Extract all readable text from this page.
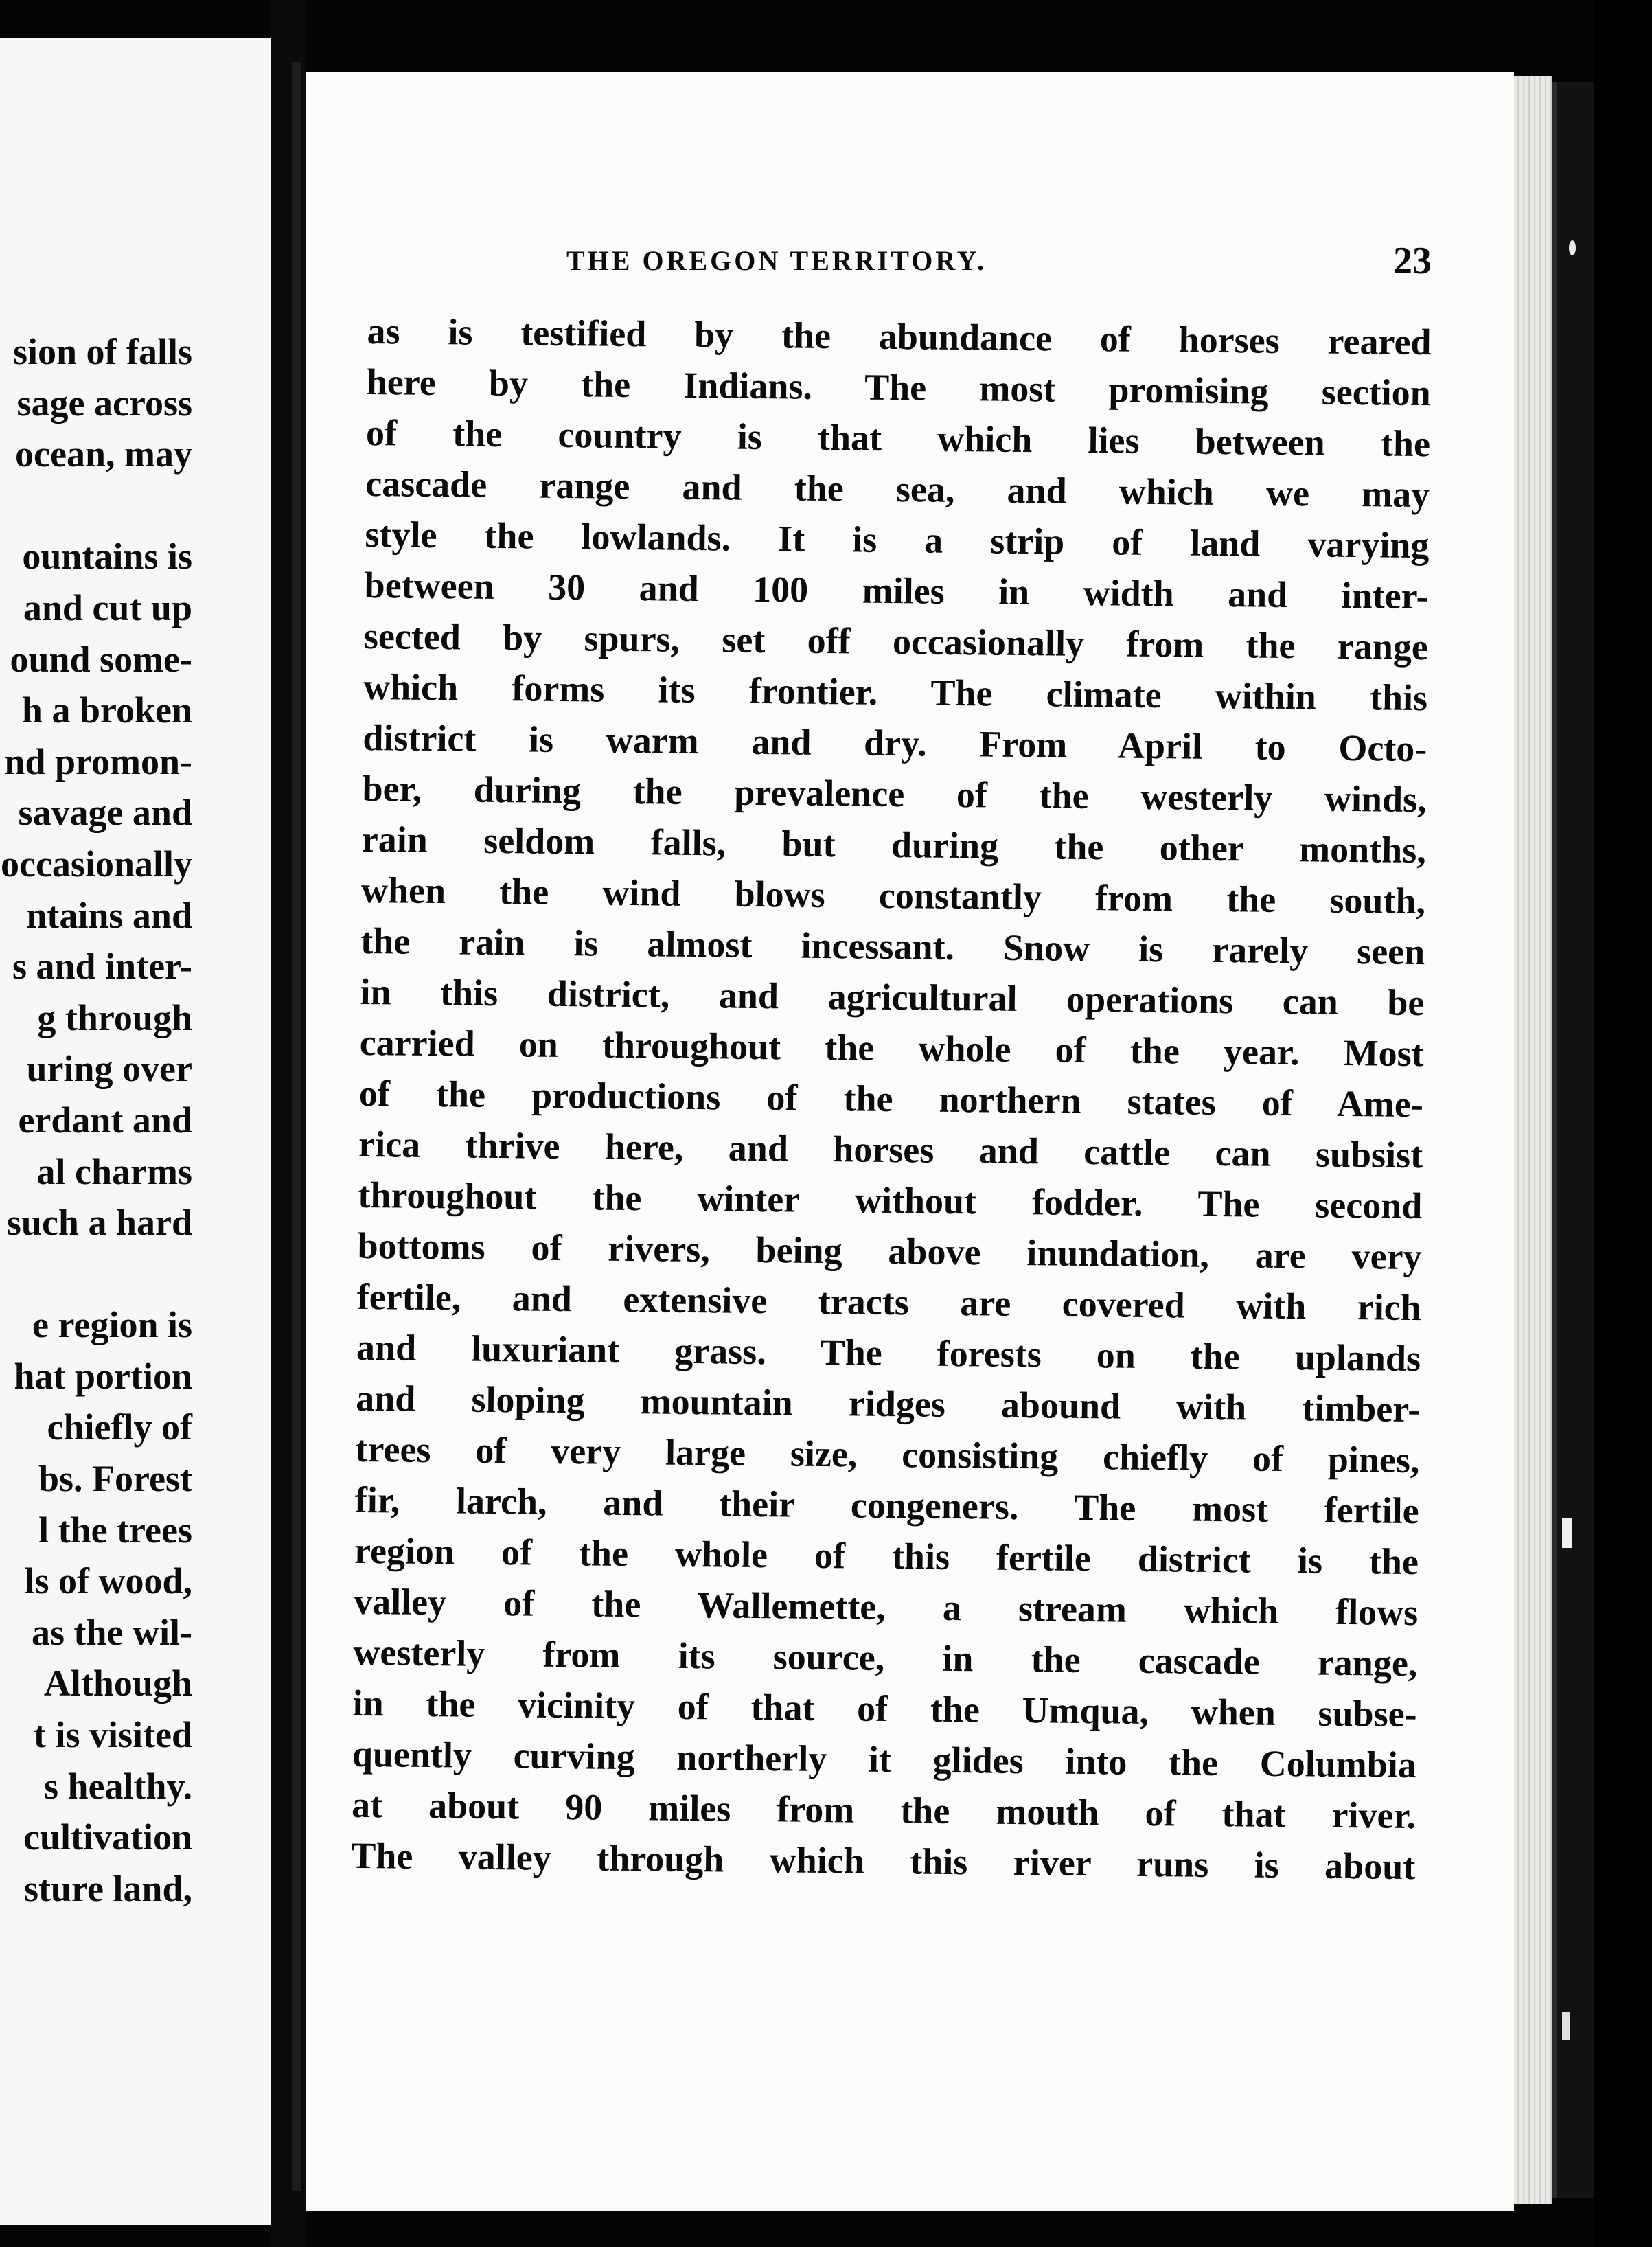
sion of falls
sage across
ocean, may
ountains is
and cut up
ound some-
h a broken
nd promon-
savage and
occasionally
ntains and
s and inter-
g through
uring over
erdant and
al charms
such a hard
e region is
hat portion
chiefly of
bs. Forest
l the trees
ls of wood,
as the wil-
Although
t is visited
s healthy.
cultivation
sture land,
THE OREGON TERRITORY.	23
as is testified by the abundance of horses reared
here by the Indians. The most promising section
of the country is that which lies between the
cascade range and the sea, and which we may
style the lowlands. It is a strip of land varying
between 30 and 100 miles in width and inter-
sected by spurs, set off occasionally from the range
which forms its frontier. The climate within this
district is warm and dry. From April to Octo-
ber, during the prevalence of the westerly winds,
rain seldom falls, but during the other months,
when the wind blows constantly from the south,
the rain is almost incessant. Snow is rarely seen
in this district, and agricultural operations can be
carried on throughout the whole of the year. Most
of the productions of the northern states of Ame-
rica thrive here, and horses and cattle can subsist
throughout the winter without fodder. The second
bottoms of rivers, being above inundation, are very
fertile, and extensive tracts are covered with rich
and luxuriant grass. The forests on the uplands
and sloping mountain ridges abound with timber-
trees of very large size, consisting chiefly of pines,
fir, larch, and their congeners. The most fertile
region of the whole of this fertile district is the
valley of the Wallemette, a stream which flows
westerly from its source, in the cascade range,
in the vicinity of that of the Umqua, when subse-
quently curving northerly it glides into the Columbia
at about 90 miles from the mouth of that river.
The valley through which this river runs is about
